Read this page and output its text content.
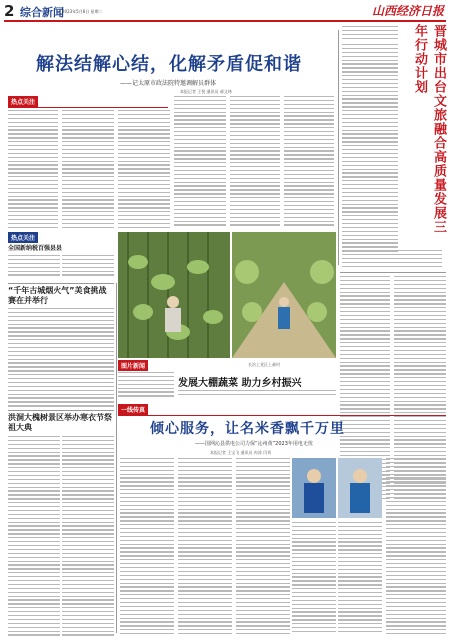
2 综合新闻
2023年5月6日 星期二	山西经济日报
解法结解心结，化解矛盾促和谐
——记太原市政法院特邀调解员群体
本报记者 王悦 通讯员 郝文林
热点关注
热点关注
全国新纳税百强县县
图片新闻
发展大棚蔬菜 助力乡村振兴
长治上党区上郝村
“千年古城烟火气”美食挑战赛在并举行
洪洞大槐树景区举办寒衣节祭祖大典
晋城市出台文旅融合高质量发展三年行动计划
一线传真
倾心服务，让名米香飘千万里
——国网沁县供电公司力保“沁州黄”2023年用电无忧
本报记者 王宝飞 通讯员 冉涛 闫刘
